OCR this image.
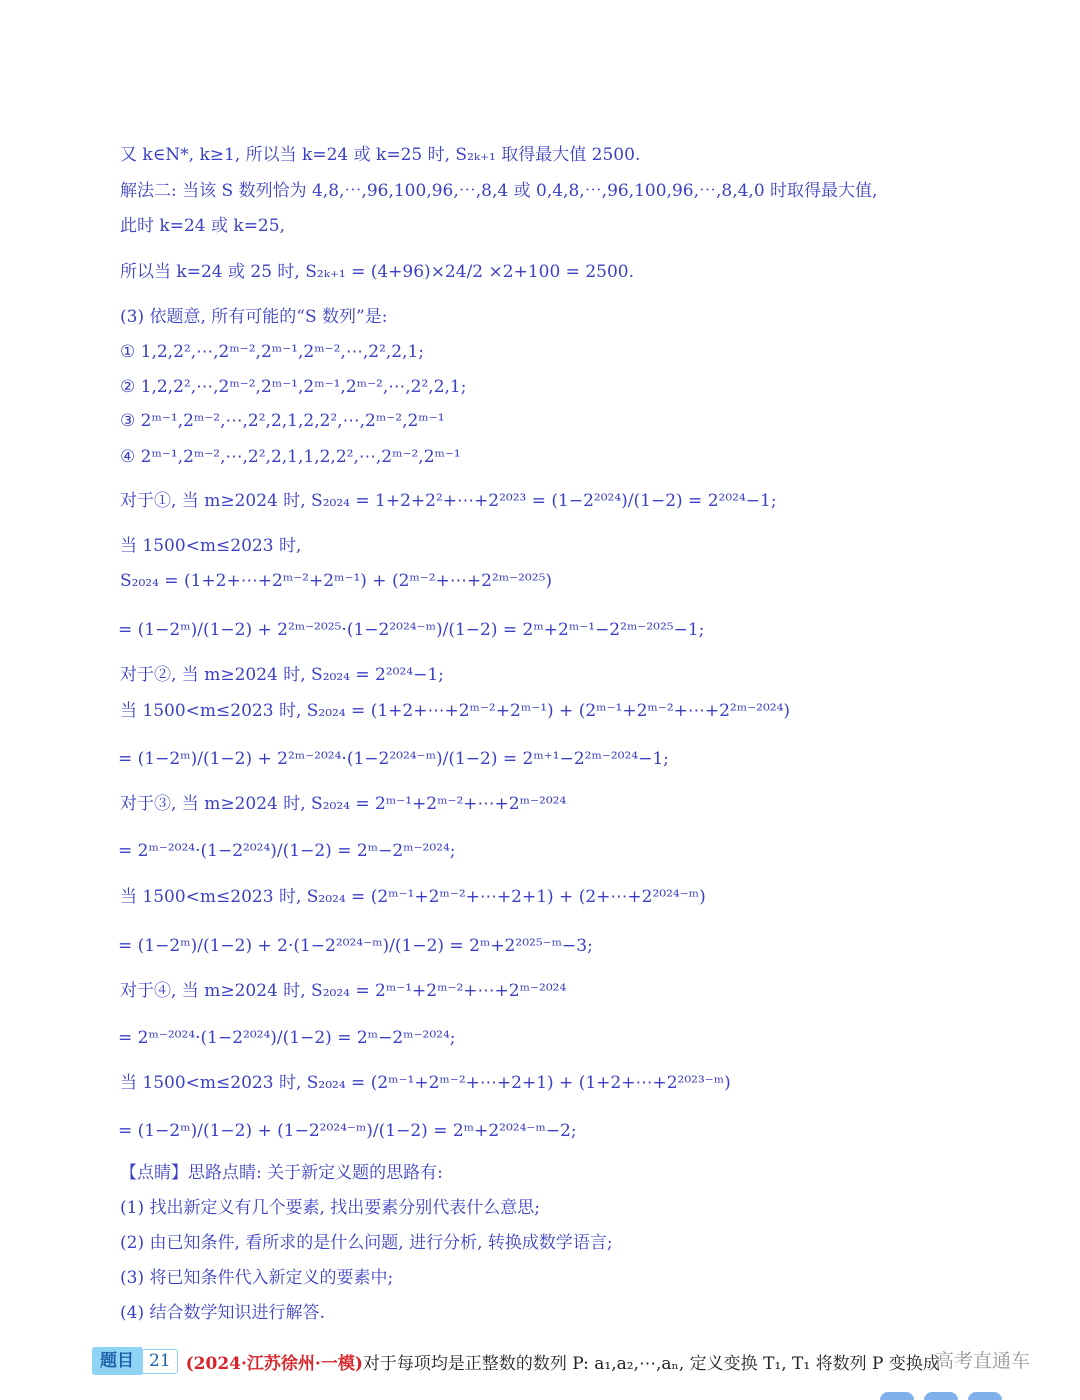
又 k∈N*, k≥1, 所以当 k=24 或 k=25 时, S₂ₖ₊₁ 取得最大值 2500.
解法二: 当该 S 数列恰为 4,8,⋯,96,100,96,⋯,8,4 或 0,4,8,⋯,96,100,96,⋯,8,4,0 时取得最大值,
此时 k=24 或 k=25,
所以当 k=24 或 25 时, S₂ₖ₊₁ = (4+96)×24/2 ×2+100 = 2500.
(3) 依题意, 所有可能的“S 数列”是:
① 1,2,2²,⋯,2ᵐ⁻²,2ᵐ⁻¹,2ᵐ⁻²,⋯,2²,2,1;
② 1,2,2²,⋯,2ᵐ⁻²,2ᵐ⁻¹,2ᵐ⁻¹,2ᵐ⁻²,⋯,2²,2,1;
③ 2ᵐ⁻¹,2ᵐ⁻²,⋯,2²,2,1,2,2²,⋯,2ᵐ⁻²,2ᵐ⁻¹
④ 2ᵐ⁻¹,2ᵐ⁻²,⋯,2²,2,1,1,2,2²,⋯,2ᵐ⁻²,2ᵐ⁻¹
对于①, 当 m≥2024 时, S₂₀₂₄ = 1+2+2²+⋯+2²⁰²³ = (1−2²⁰²⁴)/(1−2) = 2²⁰²⁴−1;
当 1500<m≤2023 时,
S₂₀₂₄ = (1+2+⋯+2ᵐ⁻²+2ᵐ⁻¹) + (2ᵐ⁻²+⋯+2²ᵐ⁻²⁰²⁵)
= (1−2ᵐ)/(1−2) + 2²ᵐ⁻²⁰²⁵·(1−2²⁰²⁴⁻ᵐ)/(1−2) = 2ᵐ+2ᵐ⁻¹−2²ᵐ⁻²⁰²⁵−1;
对于②, 当 m≥2024 时, S₂₀₂₄ = 2²⁰²⁴−1;
当 1500<m≤2023 时, S₂₀₂₄ = (1+2+⋯+2ᵐ⁻²+2ᵐ⁻¹) + (2ᵐ⁻¹+2ᵐ⁻²+⋯+2²ᵐ⁻²⁰²⁴)
= (1−2ᵐ)/(1−2) + 2²ᵐ⁻²⁰²⁴·(1−2²⁰²⁴⁻ᵐ)/(1−2) = 2ᵐ⁺¹−2²ᵐ⁻²⁰²⁴−1;
对于③, 当 m≥2024 时, S₂₀₂₄ = 2ᵐ⁻¹+2ᵐ⁻²+⋯+2ᵐ⁻²⁰²⁴
= 2ᵐ⁻²⁰²⁴·(1−2²⁰²⁴)/(1−2) = 2ᵐ−2ᵐ⁻²⁰²⁴;
当 1500<m≤2023 时, S₂₀₂₄ = (2ᵐ⁻¹+2ᵐ⁻²+⋯+2+1) + (2+⋯+2²⁰²⁴⁻ᵐ)
= (1−2ᵐ)/(1−2) + 2·(1−2²⁰²⁴⁻ᵐ)/(1−2) = 2ᵐ+2²⁰²⁵⁻ᵐ−3;
对于④, 当 m≥2024 时, S₂₀₂₄ = 2ᵐ⁻¹+2ᵐ⁻²+⋯+2ᵐ⁻²⁰²⁴
= 2ᵐ⁻²⁰²⁴·(1−2²⁰²⁴)/(1−2) = 2ᵐ−2ᵐ⁻²⁰²⁴;
当 1500<m≤2023 时, S₂₀₂₄ = (2ᵐ⁻¹+2ᵐ⁻²+⋯+2+1) + (1+2+⋯+2²⁰²³⁻ᵐ)
= (1−2ᵐ)/(1−2) + (1−2²⁰²⁴⁻ᵐ)/(1−2) = 2ᵐ+2²⁰²⁴⁻ᵐ−2;
【点睛】思路点睛: 关于新定义题的思路有:
(1) 找出新定义有几个要素, 找出要素分别代表什么意思;
(2) 由已知条件, 看所求的是什么问题, 进行分析, 转换成数学语言;
(3) 将已知条件代入新定义的要素中;
(4) 结合数学知识进行解答.
题目 21 (2024·江苏徐州·一模) 对于每项均是正整数的数列 P: a₁,a₂,⋯,aₙ, 定义变换 T₁, T₁ 将数列 P 变换成
高考直通车
